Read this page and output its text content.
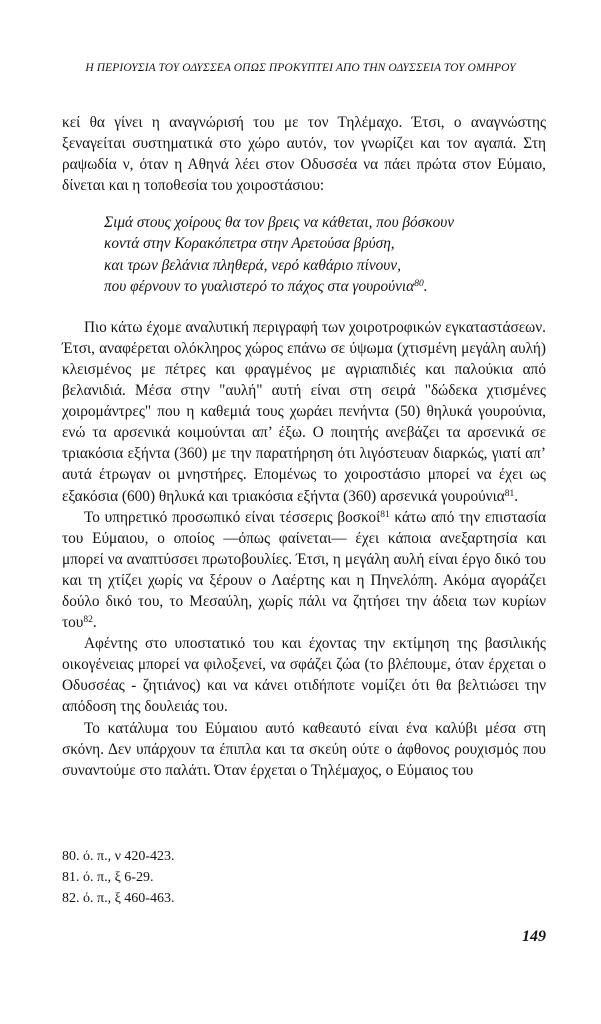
Η ΠΕΡΙΟΥΣΙΑ ΤΟΥ ΟΔΥΣΣΕΑ ΟΠΩΣ ΠΡΟΚΥΠΤΕΙ ΑΠΟ ΤΗΝ ΟΔΥΣΣΕΙΑ ΤΟΥ ΟΜΗΡΟΥ

κεί θα γίνει η αναγνώρισή του με τον Τηλέμαχο. Έτσι, ο αναγνώστης ξεναγείται συστηματικά στο χώρο αυτόν, τον γνωρίζει και τον αγαπά. Στη ραψωδία ν, όταν η Αθηνά λέει στον Οδυσσέα να πάει πρώτα στον Εύμαιο, δίνεται και η τοποθεσία του χοιροστάσιου:

Σιμά στους χοίρους θα τον βρεις να κάθεται, που βόσκουν
κοντά στην Κορακόπετρα στην Αρετούσα βρύση,
και τρων βελάνια πληθερά, νερό καθάριο πίνουν,
που φέρνουν το γυαλιστερό το πάχος στα γουρούνια$^{80}$.

Πιο κάτω έχομε αναλυτική περιγραφή των χοιροτροφικών εγκαταστάσεων. Έτσι, αναφέρεται ολόκληρος χώρος επάνω σε ύψωμα (χτισμένη μεγάλη αυλή) κλεισμένος με πέτρες και φραγμένος με αγριαπιδιές και παλούκια από βελανιδιά. Μέσα στην "αυλή" αυτή είναι στη σειρά "δώδεκα χτισμένες χοιρομάντρες" που η καθεμιά τους χωράει πενήντα (50) θηλυκά γουρούνια, ενώ τα αρσενικά κοιμούνται απ’ έξω. Ο ποιητής ανεβάζει τα αρσενικά σε τριακόσια εξήντα (360) με την παρατήρηση ότι λιγόστευαν διαρκώς, γιατί απ’ αυτά έτρωγαν οι μνηστήρες. Επομένως το χοιροστάσιο μπορεί να έχει ως εξακόσια (600) θηλυκά και τριακόσια εξήντα (360) αρσενικά γουρούνια$^{81}$.

Το υπηρετικό προσωπικό είναι τέσσερις βοσκοί$^{81}$ κάτω από την επιστασία του Εύμαιου, ο οποίος —όπως φαίνεται— έχει κάποια ανεξαρτησία και μπορεί να αναπτύσσει πρωτοβουλίες. Έτσι, η μεγάλη αυλή είναι έργο δικό του και τη χτίζει χωρίς να ξέρουν ο Λαέρτης και η Πηνελόπη. Ακόμα αγοράζει δούλο δικό του, το Μεσαύλη, χωρίς πάλι να ζητήσει την άδεια των κυρίων του$^{82}$.

Αφέντης στο υποστατικό του και έχοντας την εκτίμηση της βασιλικής οικογένειας μπορεί να φιλοξενεί, να σφάζει ζώα (το βλέπουμε, όταν έρχεται ο Οδυσσέας - ζητιάνος) και να κάνει οτιδήποτε νομίζει ότι θα βελτιώσει την απόδοση της δουλειάς του.

Το κατάλυμα του Εύμαιου αυτό καθεαυτό είναι ένα καλύβι μέσα στη σκόνη. Δεν υπάρχουν τα έπιπλα και τα σκεύη ούτε ο άφθονος ρουχισμός που συναντούμε στο παλάτι. Όταν έρχεται ο Τηλέμαχος, ο Εύμαιος του

80. ό. π., ν 420-423.
81. ό. π., ξ 6-29.
82. ό. π., ξ 460-463.
149
